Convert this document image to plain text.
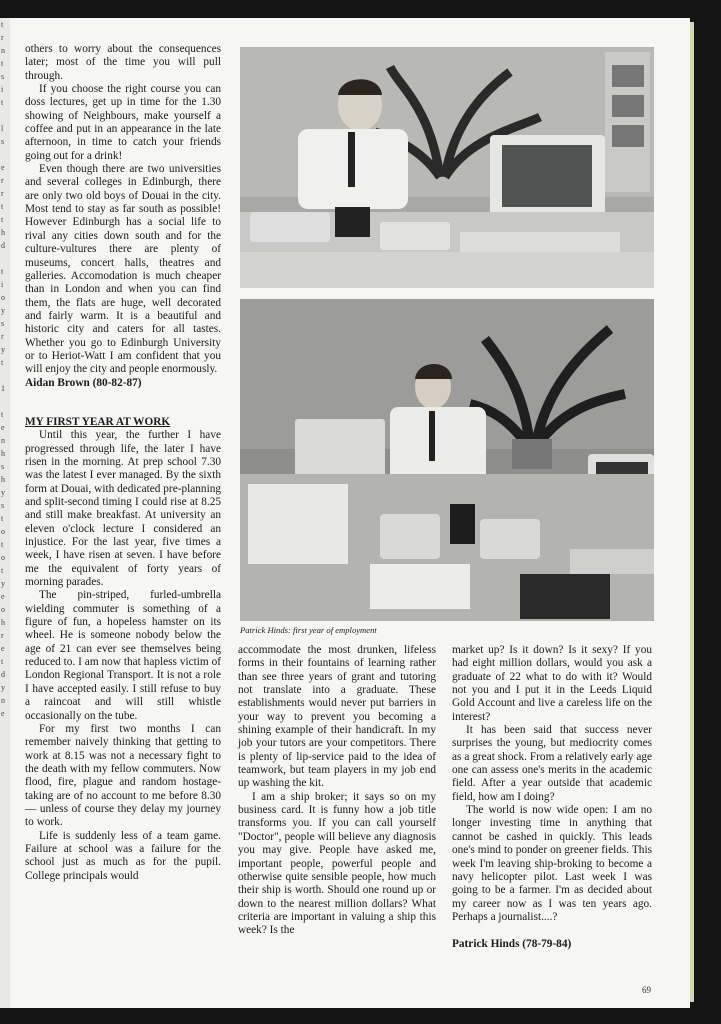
t
r
n
t
s
i
t

l
s

e
r
r
t
t
h
d

t
i
o
y
s
r
y
t

1

t
e
n
h
s
h
y
s
t
o
t
o
t
y
e
o
h
r
e
t
d
y
n
e

others to worry about the consequences later; most of the time you will pull through.

If you choose the right course you can doss lectures, get up in time for the 1.30 showing of Neighbours, make yourself a coffee and put in an appearance in the late afternoon, in time to catch your friends going out for a drink!

Even though there are two universities and several colleges in Edinburgh, there are only two old boys of Douai in the city. Most tend to stay as far south as possible! However Edinburgh has a social life to rival any cities down south and for the culture-vultures there are plenty of museums, concert halls, theatres and galleries. Accomodation is much cheaper than in London and when you can find them, the flats are huge, well decorated and fairly warm. It is a beautiful and historic city and caters for all tastes. Whether you go to Edinburgh University or to Heriot-Watt I am confident that you will enjoy the city and people enormously.

Aidan Brown (80-82-87)

MY FIRST YEAR AT WORK

Until this year, the further I have progressed through life, the later I have risen in the morning. At prep school 7.30 was the latest I ever managed. By the sixth form at Douai, with dedicated pre-planning and split-second timing I could rise at 8.25 and still make breakfast. At university an eleven o'clock lecture I considered an injustice. For the last year, five times a week, I have risen at seven. I have before me the equivalent of forty years of morning parades.

The pin-striped, furled-umbrella wielding commuter is something of a figure of fun, a hopeless hamster on its wheel. He is someone nobody below the age of 21 can ever see themselves being reduced to. I am now that hapless victim of London Regional Transport. It is not a role I have accepted easily. I still refuse to buy a raincoat and will still whistle occasionally on the tube.

For my first two months I can remember naively thinking that getting to work at 8.15 was not a necessary fight to the death with my fellow commuters. Now flood, fire, plague and random hostage-taking are of no account to me before 8.30 — unless of course they delay my journey to work.

Life is suddenly less of a team game. Failure at school was a failure for the school just as much as for the pupil. College principals would

Patrick Hinds: first year of employment

accommodate the most drunken, lifeless forms in their fountains of learning rather than see three years of grant and tutoring not translate into a graduate. These establishments would never put barriers in your way to prevent you becoming a shining example of their handicraft. In my job your tutors are your competitors. There is plenty of lip-service paid to the idea of teamwork, but team players in my job end up washing the kit.

I am a ship broker; it says so on my business card. It is funny how a job title transforms you. If you can call yourself "Doctor", people will believe any diagnosis you may give. People have asked me, important people, powerful people and otherwise quite sensible people, how much their ship is worth. Should one round up or down to the nearest million dollars? What criteria are important in valuing a ship this week? Is the

market up? Is it down? Is it sexy? If you had eight million dollars, would you ask a graduate of 22 what to do with it? Would not you and I put it in the Leeds Liquid Gold Account and live a careless life on the interest?

It has been said that success never surprises the young, but mediocrity comes as a great shock. From a relatively early age one can assess one's merits in the academic field. After a year outside that academic field, how am I doing?

The world is now wide open: I am no longer investing time in anything that cannot be cashed in quickly. This leads one's mind to ponder on greener fields. This week I'm leaving ship-broking to become a navy helicopter pilot. Last week I was going to be a farmer. I'm as decided about my career now as I was ten years ago. Perhaps a journalist....?

Patrick Hinds (78-79-84)

69
